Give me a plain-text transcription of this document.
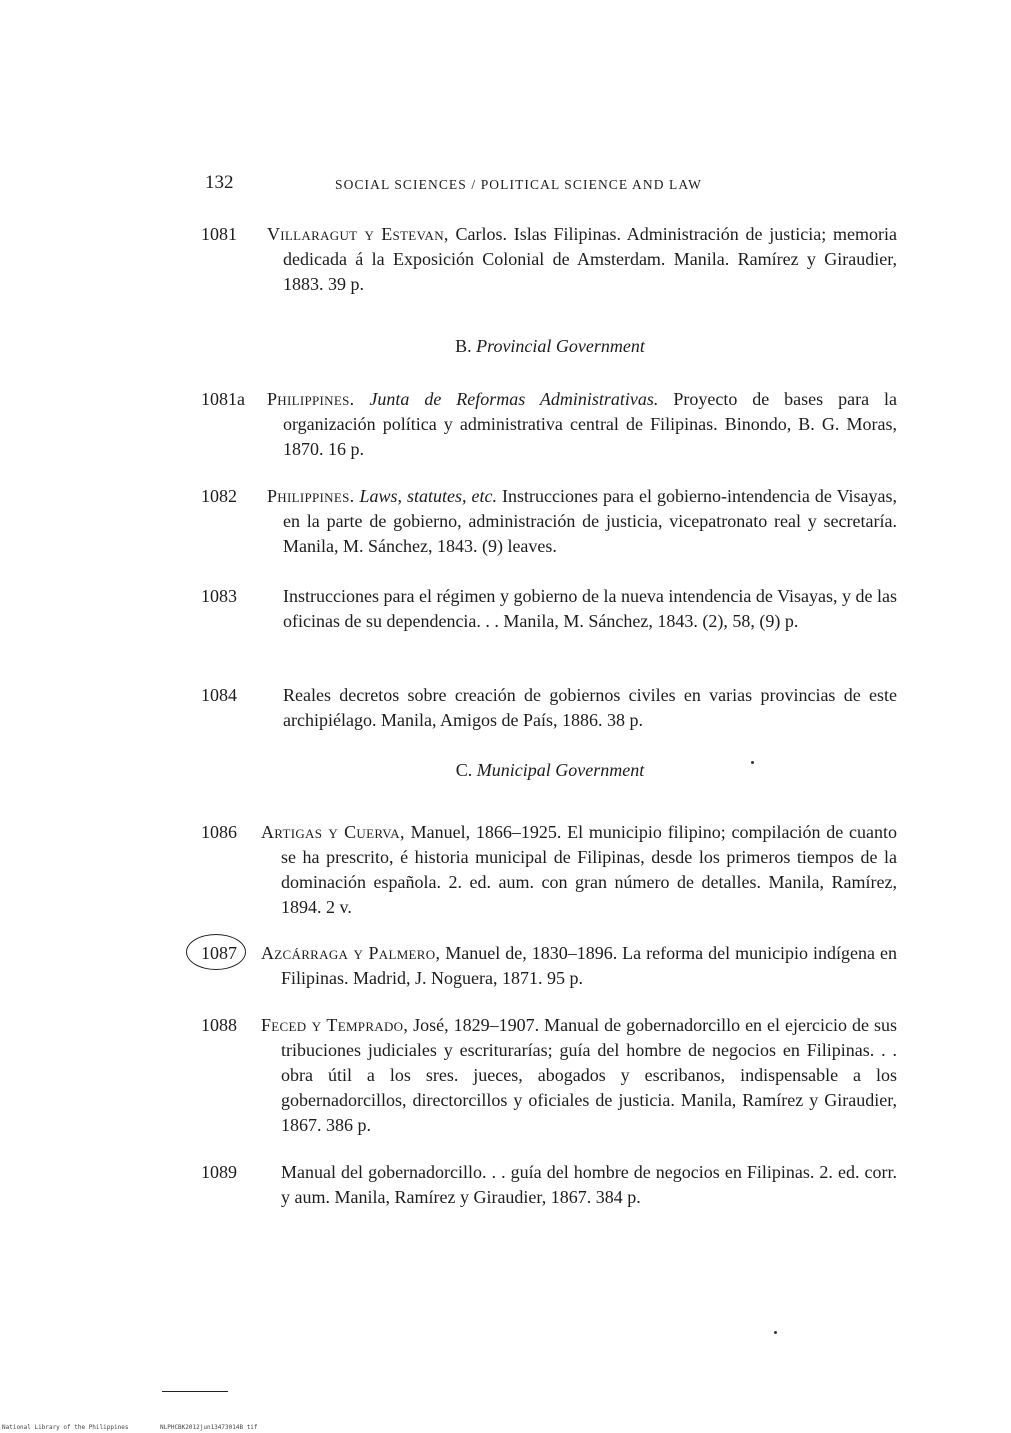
132	SOCIAL SCIENCES / POLITICAL SCIENCE AND LAW
1081	Villaragut y Estevan, Carlos. Islas Filipinas. Administración de justicia; memoria dedicada á la Exposición Colonial de Amsterdam. Manila. Ramírez y Giraudier, 1883. 39 p.
B. Provincial Government
1081a	Philippines. Junta de Reformas Administrativas. Proyecto de bases para la organización política y administrativa central de Filipinas. Binondo, B. G. Moras, 1870. 16 p.
1082	Philippines. Laws, statutes, etc. Instrucciones para el gobierno-intendencia de Visayas, en la parte de gobierno, administración de justicia, vicepatronato real y secretaría. Manila, M. Sánchez, 1843. (9) leaves.
1083	Instrucciones para el régimen y gobierno de la nueva intendencia de Visayas, y de las oficinas de su dependencia. . . Manila, M. Sánchez, 1843. (2), 58, (9) p.
1084	Reales decretos sobre creación de gobiernos civiles en varias provincias de este archipiélago. Manila, Amigos de País, 1886. 38 p.
C. Municipal Government
1086	Artigas y Cuerva, Manuel, 1866–1925. El municipio filipino; compilación de cuanto se ha prescrito, é historia municipal de Filipinas, desde los primeros tiempos de la dominación española. 2. ed. aum. con gran número de detalles. Manila, Ramírez, 1894. 2 v.
1087	Azcárraga y Palmero, Manuel de, 1830–1896. La reforma del municipio indígena en Filipinas. Madrid, J. Noguera, 1871. 95 p.
1088	Feced y Temprado, José, 1829–1907. Manual de gobernadorcillo en el ejercicio de sus tribuciones judiciales y escriturarías; guía del hombre de negocios en Filipinas. . . obra útil a los sres. jueces, abogados y escribanos, indispensable a los gobernadorcillos, directorcillos y oficiales de justicia. Manila, Ramírez y Giraudier, 1867. 386 p.
1089	Manual del gobernadorcillo. . . guía del hombre de negocios en Filipinas. 2. ed. corr. y aum. Manila, Ramírez y Giraudier, 1867. 384 p.
National Library of the Philippines	NLPHCBK2012jun13473014B tif
